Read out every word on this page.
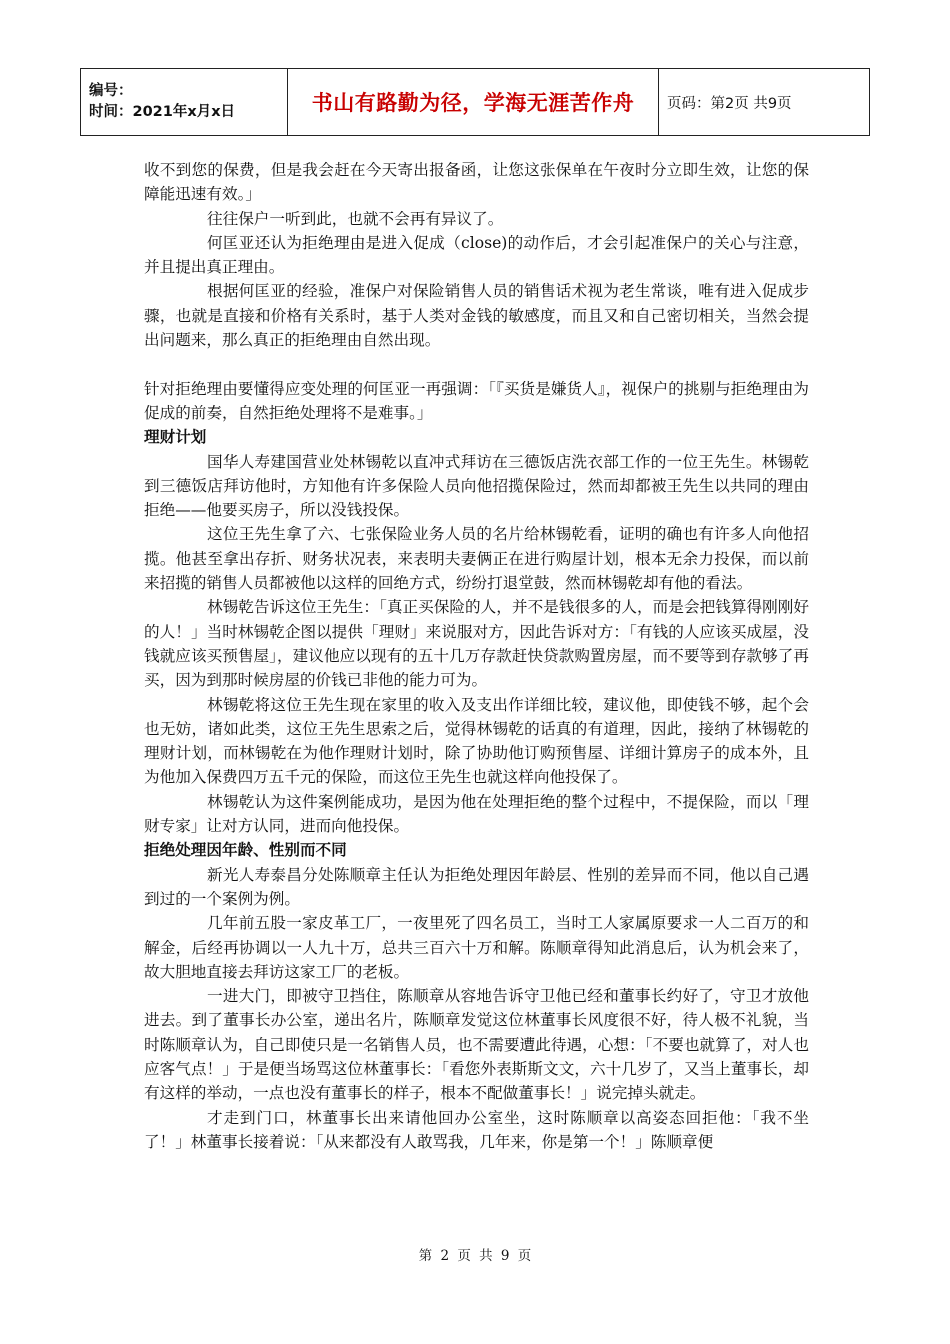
编号：
时间：2021年x月x日	书山有路勤为径，学海无涯苦作舟	页码：第2页 共9页

收不到您的保费，但是我会赶在今天寄出报备函，让您这张保单在午夜时分立即生效，让您的保障能迅速有效。」

往往保户一听到此，也就不会再有异议了。

何匡亚还认为拒绝理由是进入促成（close)的动作后，才会引起准保户的关心与注意，并且提出真正理由。

根据何匡亚的经验，准保户对保险销售人员的销售话术视为老生常谈，唯有进入促成步骤，也就是直接和价格有关系时，基于人类对金钱的敏感度，而且又和自己密切相关，当然会提出问题来，那么真正的拒绝理由自然出现。

针对拒绝理由要懂得应变处理的何匡亚一再强调：「『买货是嫌货人』，视保户的挑剔与拒绝理由为促成的前奏，自然拒绝处理将不是难事。」

理财计划

国华人寿建国营业处林锡乾以直冲式拜访在三德饭店洗衣部工作的一位王先生。林锡乾到三德饭店拜访他时，方知他有许多保险人员向他招揽保险过，然而却都被王先生以共同的理由拒绝——他要买房子，所以没钱投保。

这位王先生拿了六、七张保险业务人员的名片给林锡乾看，证明的确也有许多人向他招揽。他甚至拿出存折、财务状况表，来表明夫妻俩正在进行购屋计划，根本无余力投保，而以前来招揽的销售人员都被他以这样的回绝方式，纷纷打退堂鼓，然而林锡乾却有他的看法。

林锡乾告诉这位王先生：「真正买保险的人，并不是钱很多的人，而是会把钱算得刚刚好的人！」当时林锡乾企图以提供「理财」来说服对方，因此告诉对方：「有钱的人应该买成屋，没钱就应该买预售屋」，建议他应以现有的五十几万存款赶快贷款购置房屋，而不要等到存款够了再买，因为到那时候房屋的价钱已非他的能力可为。

林锡乾将这位王先生现在家里的收入及支出作详细比较，建议他，即使钱不够，起个会也无妨，诸如此类，这位王先生思索之后，觉得林锡乾的话真的有道理，因此，接纳了林锡乾的理财计划，而林锡乾在为他作理财计划时，除了协助他订购预售屋、详细计算房子的成本外，且为他加入保费四万五千元的保险，而这位王先生也就这样向他投保了。

林锡乾认为这件案例能成功，是因为他在处理拒绝的整个过程中，不提保险，而以「理财专家」让对方认同，进而向他投保。

拒绝处理因年龄、性别而不同

新光人寿泰昌分处陈顺章主任认为拒绝处理因年龄层、性别的差异而不同，他以自己遇到过的一个案例为例。

几年前五股一家皮革工厂，一夜里死了四名员工，当时工人家属原要求一人二百万的和解金，后经再协调以一人九十万，总共三百六十万和解。陈顺章得知此消息后，认为机会来了，故大胆地直接去拜访这家工厂的老板。

一进大门，即被守卫挡住，陈顺章从容地告诉守卫他已经和董事长约好了，守卫才放他进去。到了董事长办公室，递出名片，陈顺章发觉这位林董事长风度很不好，待人极不礼貌，当时陈顺章认为，自己即使只是一名销售人员，也不需要遭此待遇，心想：「不要也就算了，对人也应客气点！」于是便当场骂这位林董事长：「看您外表斯斯文文，六十几岁了，又当上董事长，却有这样的举动，一点也没有董事长的样子，根本不配做董事长！」说完掉头就走。

才走到门口，林董事长出来请他回办公室坐，这时陈顺章以高姿态回拒他：「我不坐了！」林董事长接着说：「从来都没有人敢骂我，几年来，你是第一个！」陈顺章便

第 2 页 共 9 页
